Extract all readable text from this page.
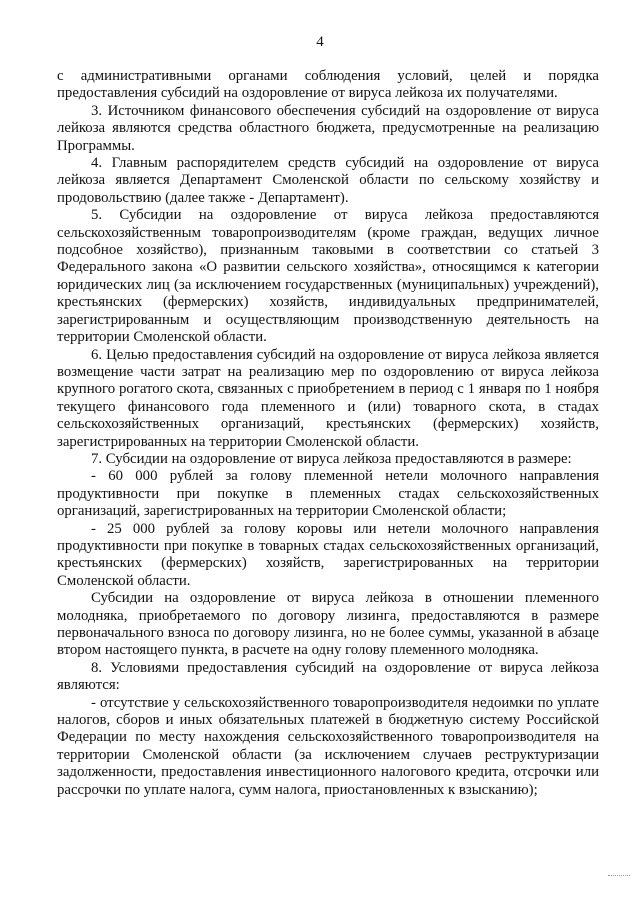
4

с административными органами соблюдения условий, целей и порядка предоставления субсидий на оздоровление от вируса лейкоза их получателями.

3. Источником финансового обеспечения субсидий на оздоровление от вируса лейкоза являются средства областного бюджета, предусмотренные на реализацию Программы.

4. Главным распорядителем средств субсидий на оздоровление от вируса лейкоза является Департамент Смоленской области по сельскому хозяйству и продовольствию (далее также - Департамент).

5. Субсидии на оздоровление от вируса лейкоза предоставляются сельскохозяйственным товаропроизводителям (кроме граждан, ведущих личное подсобное хозяйство), признанным таковыми в соответствии со статьей 3 Федерального закона «О развитии сельского хозяйства», относящимся к категории юридических лиц (за исключением государственных (муниципальных) учреждений), крестьянских (фермерских) хозяйств, индивидуальных предпринимателей, зарегистрированным и осуществляющим производственную деятельность на территории Смоленской области.

6. Целью предоставления субсидий на оздоровление от вируса лейкоза является возмещение части затрат на реализацию мер по оздоровлению от вируса лейкоза крупного рогатого скота, связанных с приобретением в период с 1 января по 1 ноября текущего финансового года племенного и (или) товарного скота, в стадах сельскохозяйственных организаций, крестьянских (фермерских) хозяйств, зарегистрированных на территории Смоленской области.

7. Субсидии на оздоровление от вируса лейкоза предоставляются в размере:

- 60 000 рублей за голову племенной нетели молочного направления продуктивности при покупке в племенных стадах сельскохозяйственных организаций, зарегистрированных на территории Смоленской области;

- 25 000 рублей за голову коровы или нетели молочного направления продуктивности при покупке в товарных стадах сельскохозяйственных организаций, крестьянских (фермерских) хозяйств, зарегистрированных на территории Смоленской области.

Субсидии на оздоровление от вируса лейкоза в отношении племенного молодняка, приобретаемого по договору лизинга, предоставляются в размере первоначального взноса по договору лизинга, но не более суммы, указанной в абзаце втором настоящего пункта, в расчете на одну голову племенного молодняка.

8. Условиями предоставления субсидий на оздоровление от вируса лейкоза являются:

- отсутствие у сельскохозяйственного товаропроизводителя недоимки по уплате налогов, сборов и иных обязательных платежей в бюджетную систему Российской Федерации по месту нахождения сельскохозяйственного товаропроизводителя на территории Смоленской области (за исключением случаев реструктуризации задолженности, предоставления инвестиционного налогового кредита, отсрочки или рассрочки по уплате налога, сумм налога, приостановленных к взысканию);
